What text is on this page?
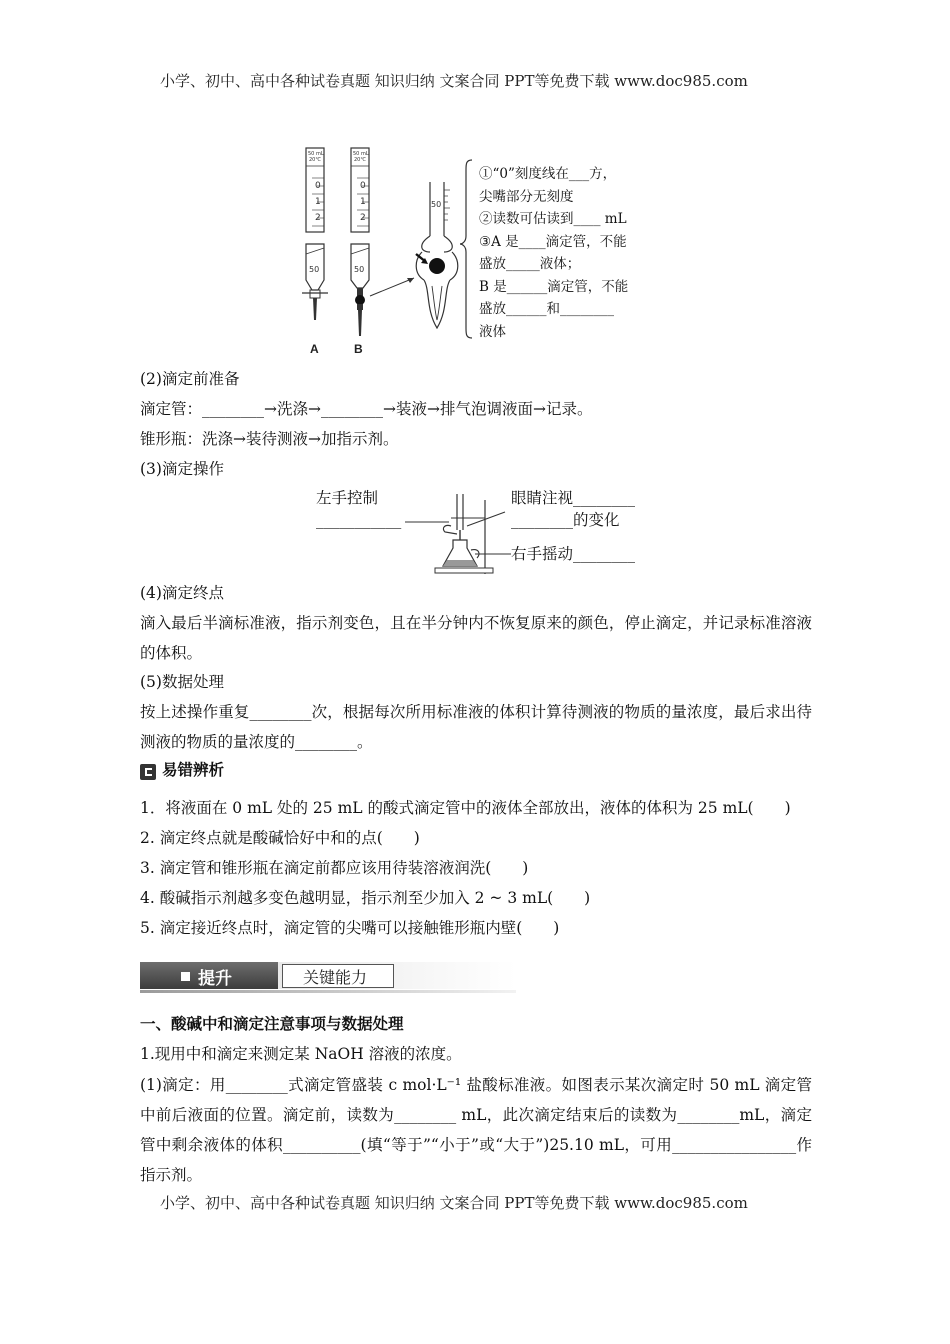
小学、初中、高中各种试卷真题 知识归纳 文案合同 PPT等免费下载 www.doc985.com
50 mL
20℃
0
1
2
50
A
50 mL
20℃
0
1
2
50
B
50
①“0”刻度线在___方，
尖嘴部分无刻度
②读数可估读到____ mL
③A 是____滴定管，不能
盛放_____液体；
B 是______滴定管，不能
盛放______和________
液体
(2)滴定前准备
滴定管：________→洗涤→________→装液→排气泡调液面→记录。
锥形瓶：洗涤→装待测液→加指示剂。
(3)滴定操作
左手控制
___________
眼睛注视________
________的变化
右手摇动________
(4)滴定终点
滴入最后半滴标准液，指示剂变色，且在半分钟内不恢复原来的颜色，停止滴定，并记录标准溶液的体积。
(5)数据处理
按上述操作重复________次，根据每次所用标准液的体积计算待测液的物质的量浓度，最后求出待测液的物质的量浓度的________。
易错辨析
1．将液面在 0 mL 处的 25 mL 的酸式滴定管中的液体全部放出，液体的体积为 25 mL(　　)
2. 滴定终点就是酸碱恰好中和的点(　　)
3. 滴定管和锥形瓶在滴定前都应该用待装溶液润洗(　　)
4. 酸碱指示剂越多变色越明显，指示剂至少加入 2 ~ 3 mL(　　)
5. 滴定接近终点时，滴定管的尖嘴可以接触锥形瓶内壁(　　)
提升	关键能力
一、酸碱中和滴定注意事项与数据处理
1.现用中和滴定来测定某 NaOH 溶液的浓度。
(1)滴定：用________式滴定管盛装 c mol·L⁻¹ 盐酸标准液。如图表示某次滴定时 50 mL 滴定管中前后液面的位置。滴定前，读数为________ mL，此次滴定结束后的读数为________mL，滴定管中剩余液体的体积__________(填“等于”“小于”或“大于”)25.10 mL，可用________________作指示剂。
小学、初中、高中各种试卷真题 知识归纳 文案合同 PPT等免费下载 www.doc985.com
